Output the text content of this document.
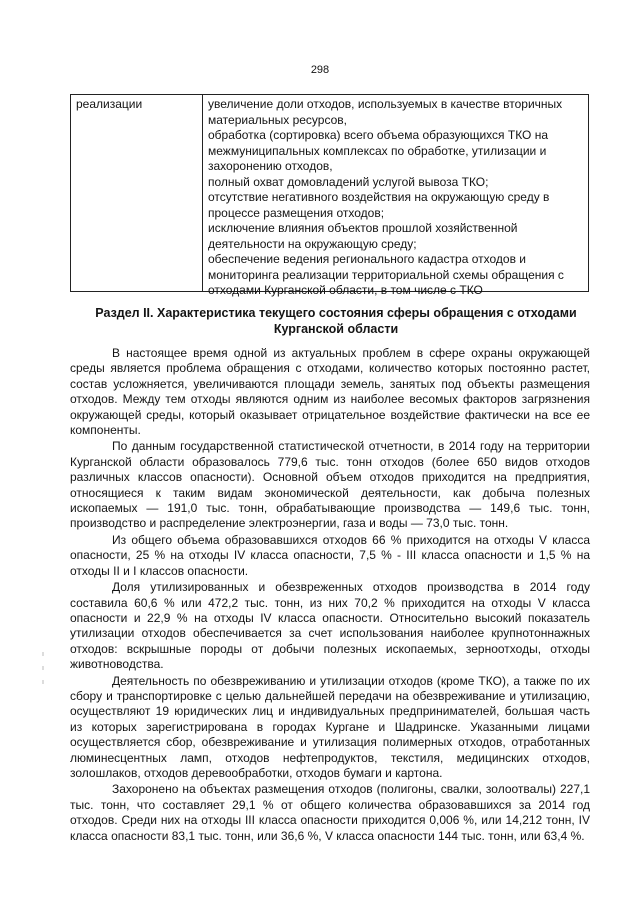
298
реализации	увеличение доли отходов, используемых в качестве вторичных материальных ресурсов,
обработка (сортировка) всего объема образующихся ТКО на межмуниципальных комплексах по обработке, утилизации и захоронению отходов,
полный охват домовладений услугой вывоза ТКО;
отсутствие негативного воздействия на окружающую среду в процессе размещения отходов;
исключение влияния объектов прошлой хозяйственной деятельности на окружающую среду;
обеспечение ведения регионального кадастра отходов и мониторинга реализации территориальной схемы обращения с отходами Курганской области, в том числе с ТКО
Раздел II. Характеристика текущего состояния сферы обращения с отходами Курганской области

В настоящее время одной из актуальных проблем в сфере охраны окружающей среды является проблема обращения с отходами, количество которых постоянно растет, состав усложняется, увеличиваются площади земель, занятых под объекты размещения отходов. Между тем отходы являются одним из наиболее весомых факторов загрязнения окружающей среды, который оказывает отрицательное воздействие фактически на все ее компоненты.

По данным государственной статистической отчетности, в 2014 году на территории Курганской области образовалось 779,6 тыс. тонн отходов (более 650 видов отходов различных классов опасности). Основной объем отходов приходится на предприятия, относящиеся к таким видам экономической деятельности, как добыча полезных ископаемых — 191,0 тыс. тонн, обрабатывающие производства — 149,6 тыс. тонн, производство и распределение электроэнергии, газа и воды — 73,0 тыс. тонн.

Из общего объема образовавшихся отходов 66 % приходится на отходы V класса опасности, 25 % на отходы IV класса опасности, 7,5 % - III класса опасности и 1,5 % на отходы II и I классов опасности.

Доля утилизированных и обезвреженных отходов производства в 2014 году составила 60,6 % или 472,2 тыс. тонн, из них 70,2 % приходится на отходы V класса опасности и 22,9 % на отходы IV класса опасности. Относительно высокий показатель утилизации отходов обеспечивается за счет использования наиболее крупнотоннажных отходов: вскрышные породы от добычи полезных ископаемых, зерноотходы, отходы животноводства.

Деятельность по обезвреживанию и утилизации отходов (кроме ТКО), а также по их сбору и транспортировке с целью дальнейшей передачи на обезвреживание и утилизацию, осуществляют 19 юридических лиц и индивидуальных предпринимателей, большая часть из которых зарегистрирована в городах Кургане и Шадринске. Указанными лицами осуществляется сбор, обезвреживание и утилизация полимерных отходов, отработанных люминесцентных ламп, отходов нефтепродуктов, текстиля, медицинских отходов, золошлаков, отходов деревообработки, отходов бумаги и картона.

Захоронено на объектах размещения отходов (полигоны, свалки, золоотвалы) 227,1 тыс. тонн, что составляет 29,1 % от общего количества образовавшихся за 2014 год отходов. Среди них на отходы III класса опасности приходится 0,006 %, или 14,212 тонн, IV класса опасности 83,1 тыс. тонн, или 36,6 %, V класса опасности 144 тыс. тонн, или 63,4 %.
